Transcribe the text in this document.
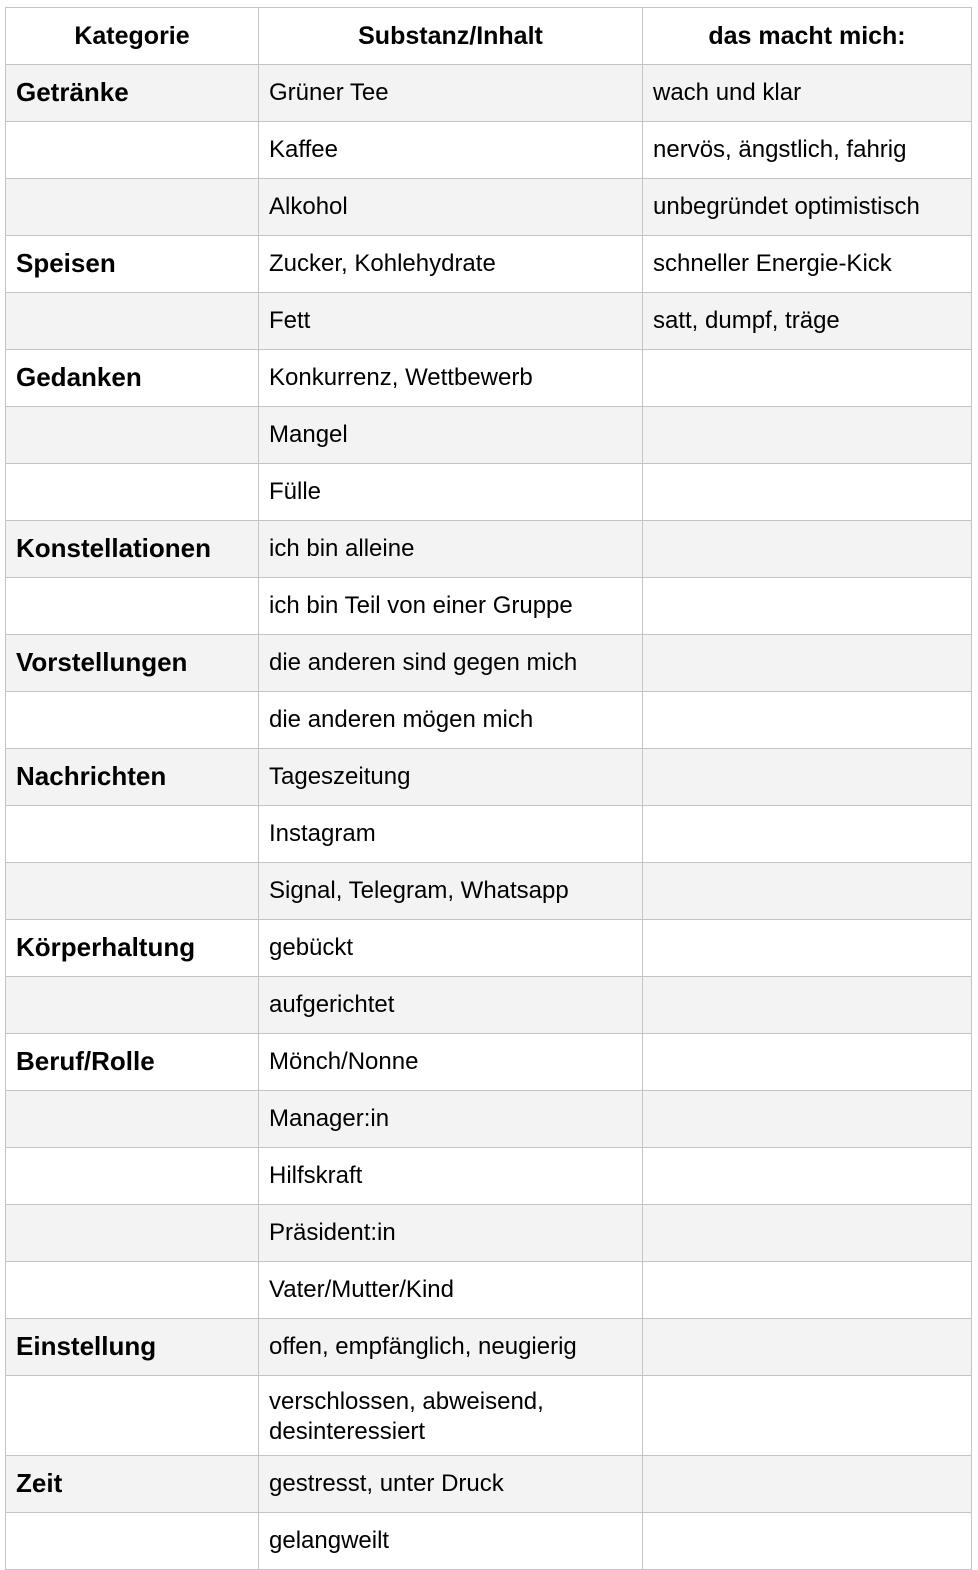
Kategorie	Substanz/Inhalt	das macht mich:
Getränke	Grüner Tee	wach und klar
	Kaffee	nervös, ängstlich, fahrig
	Alkohol	unbegründet optimistisch
Speisen	Zucker, Kohlehydrate	schneller Energie-Kick
	Fett	satt, dumpf, träge
Gedanken	Konkurrenz, Wettbewerb	
	Mangel	
	Fülle	
Konstellationen	ich bin alleine	
	ich bin Teil von einer Gruppe	
Vorstellungen	die anderen sind gegen mich	
	die anderen mögen mich	
Nachrichten	Tageszeitung	
	Instagram	
	Signal, Telegram, Whatsapp	
Körperhaltung	gebückt	
	aufgerichtet	
Beruf/Rolle	Mönch/Nonne	
	Manager:in	
	Hilfskraft	
	Präsident:in	
	Vater/Mutter/Kind	
Einstellung	offen, empfänglich, neugierig	
	verschlossen, abweisend, desinteressiert	
Zeit	gestresst, unter Druck	
	gelangweilt	
